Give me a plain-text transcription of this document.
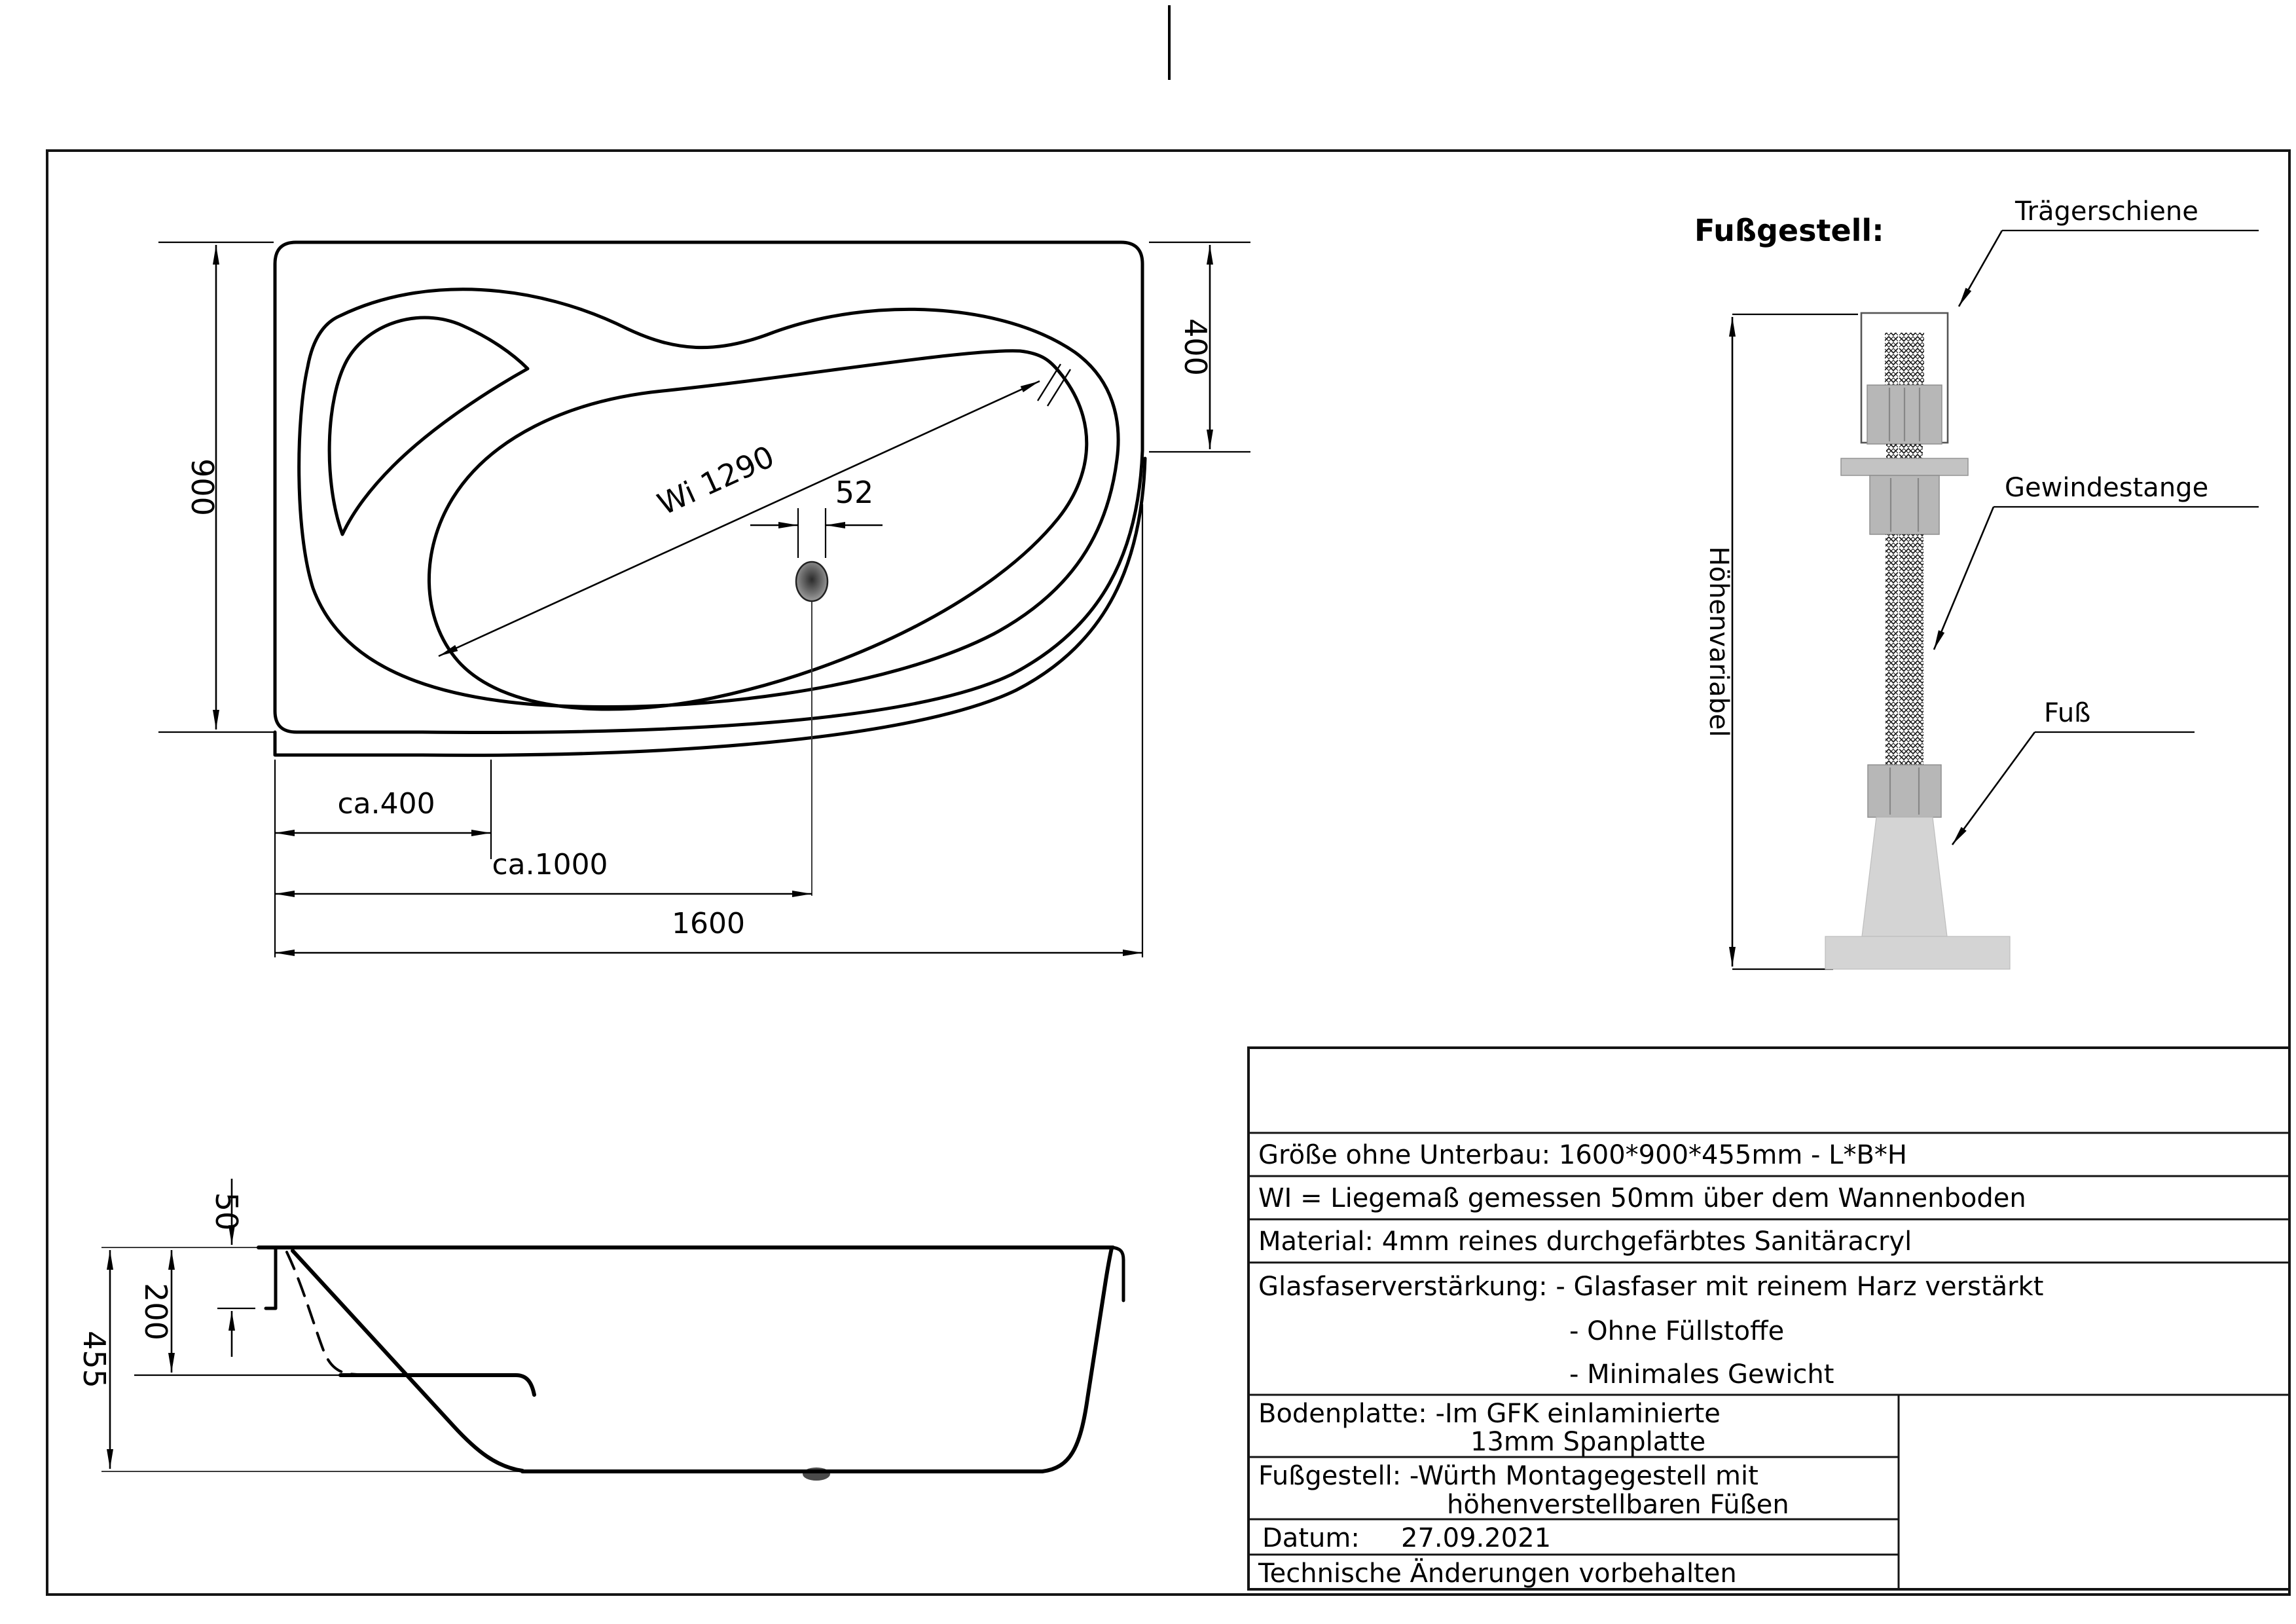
Wi 1290 52
900
400
ca.400
ca.1000
1600
455
200
50
Fußgestell:
Höhenvariabel
Trägerschiene
Gewindestange
Fuß
Größe ohne Unterbau: 1600*900*455mm - L*B*H
WI = Liegemaß gemessen 50mm über dem Wannenboden
Material: 4mm reines durchgefärbtes Sanitäracryl
Glasfaserverstärkung: - Glasfaser mit reinem Harz verstärkt
- Ohne Füllstoffe
- Minimales Gewicht
Bodenplatte: -Im GFK einlaminierte
13mm Spanplatte
Fußgestell: -Würth Montagegestell mit
höhenverstellbaren Füßen
Datum: 27.09.2021
Technische Änderungen vorbehalten
